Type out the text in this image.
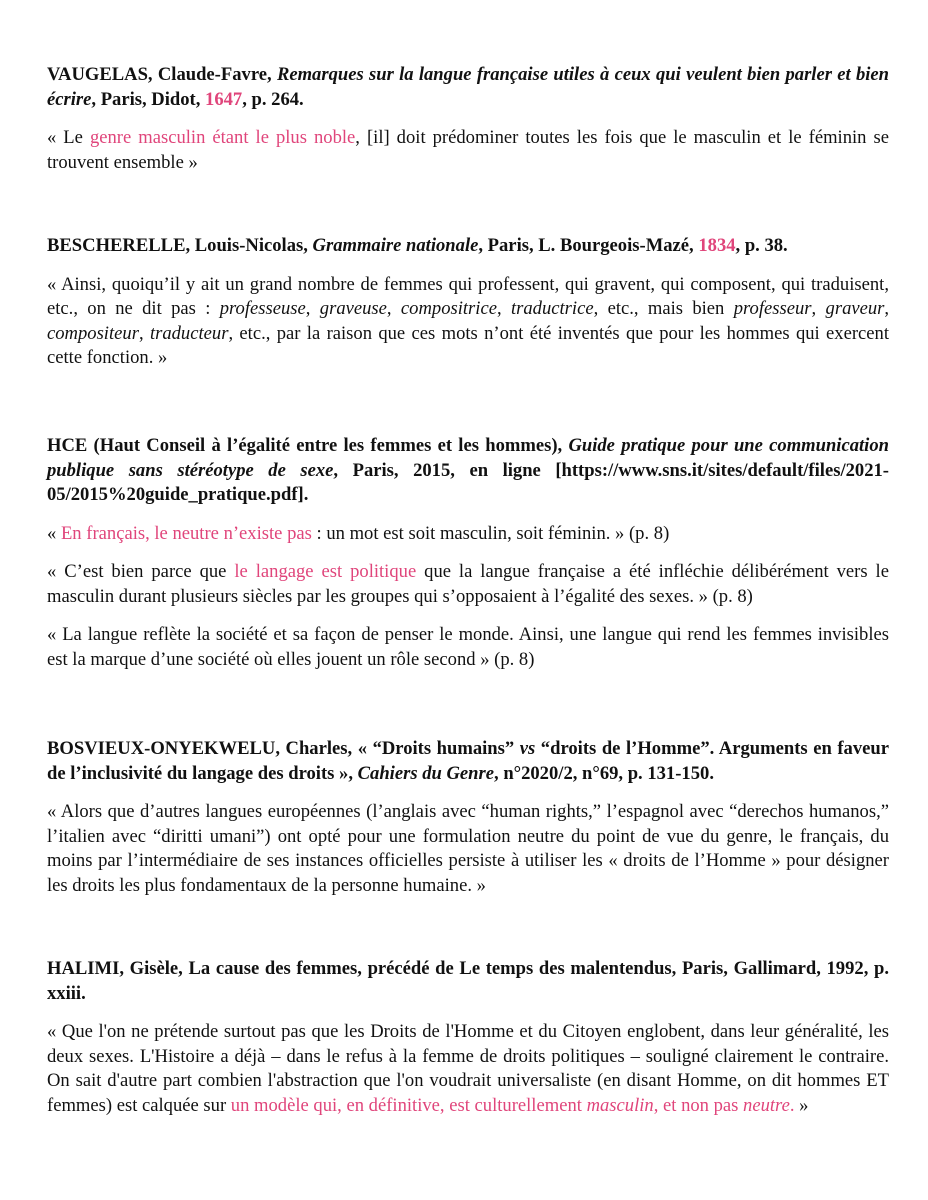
VAUGELAS, Claude-Favre, Remarques sur la langue française utiles à ceux qui veulent bien parler et bien écrire, Paris, Didot, 1647, p. 264.

« Le genre masculin étant le plus noble, [il] doit prédominer toutes les fois que le masculin et le féminin se trouvent ensemble »

BESCHERELLE, Louis-Nicolas, Grammaire nationale, Paris, L. Bourgeois-Mazé, 1834, p. 38.

« Ainsi, quoiqu’il y ait un grand nombre de femmes qui professent, qui gravent, qui composent, qui traduisent, etc., on ne dit pas : professeuse, graveuse, compositrice, traductrice, etc., mais bien professeur, graveur, compositeur, traducteur, etc., par la raison que ces mots n’ont été inventés que pour les hommes qui exercent cette fonction. »

HCE (Haut Conseil à l’égalité entre les femmes et les hommes), Guide pratique pour une communication publique sans stéréotype de sexe, Paris, 2015, en ligne [https://www.sns.it/sites/default/files/2021-05/2015%20guide_pratique.pdf].

« En français, le neutre n’existe pas : un mot est soit masculin, soit féminin. » (p. 8)

« C’est bien parce que le langage est politique que la langue française a été infléchie délibérément vers le masculin durant plusieurs siècles par les groupes qui s’opposaient à l’égalité des sexes. » (p. 8)

« La langue reflète la société et sa façon de penser le monde. Ainsi, une langue qui rend les femmes invisibles est la marque d’une société où elles jouent un rôle second » (p. 8)

BOSVIEUX-ONYEKWELU, Charles, « “Droits humains” vs “droits de l’Homme”. Arguments en faveur de l’inclusivité du langage des droits », Cahiers du Genre, n°2020/2, n°69, p. 131-150.

« Alors que d’autres langues européennes (l’anglais avec “human rights,” l’espagnol avec “derechos humanos,” l’italien avec “diritti umani”) ont opté pour une formulation neutre du point de vue du genre, le français, du moins par l’intermédiaire de ses instances officielles persiste à utiliser les « droits de l’Homme » pour désigner les droits les plus fondamentaux de la personne humaine. »

HALIMI, Gisèle, La cause des femmes, précédé de Le temps des malentendus, Paris, Gallimard, 1992, p. xxiii.

« Que l'on ne prétende surtout pas que les Droits de l'Homme et du Citoyen englobent, dans leur généralité, les deux sexes. L'Histoire a déjà – dans le refus à la femme de droits politiques – souligné clairement le contraire. On sait d'autre part combien l'abstraction que l'on voudrait universaliste (en disant Homme, on dit hommes ET femmes) est calquée sur un modèle qui, en définitive, est culturellement masculin, et non pas neutre. »
